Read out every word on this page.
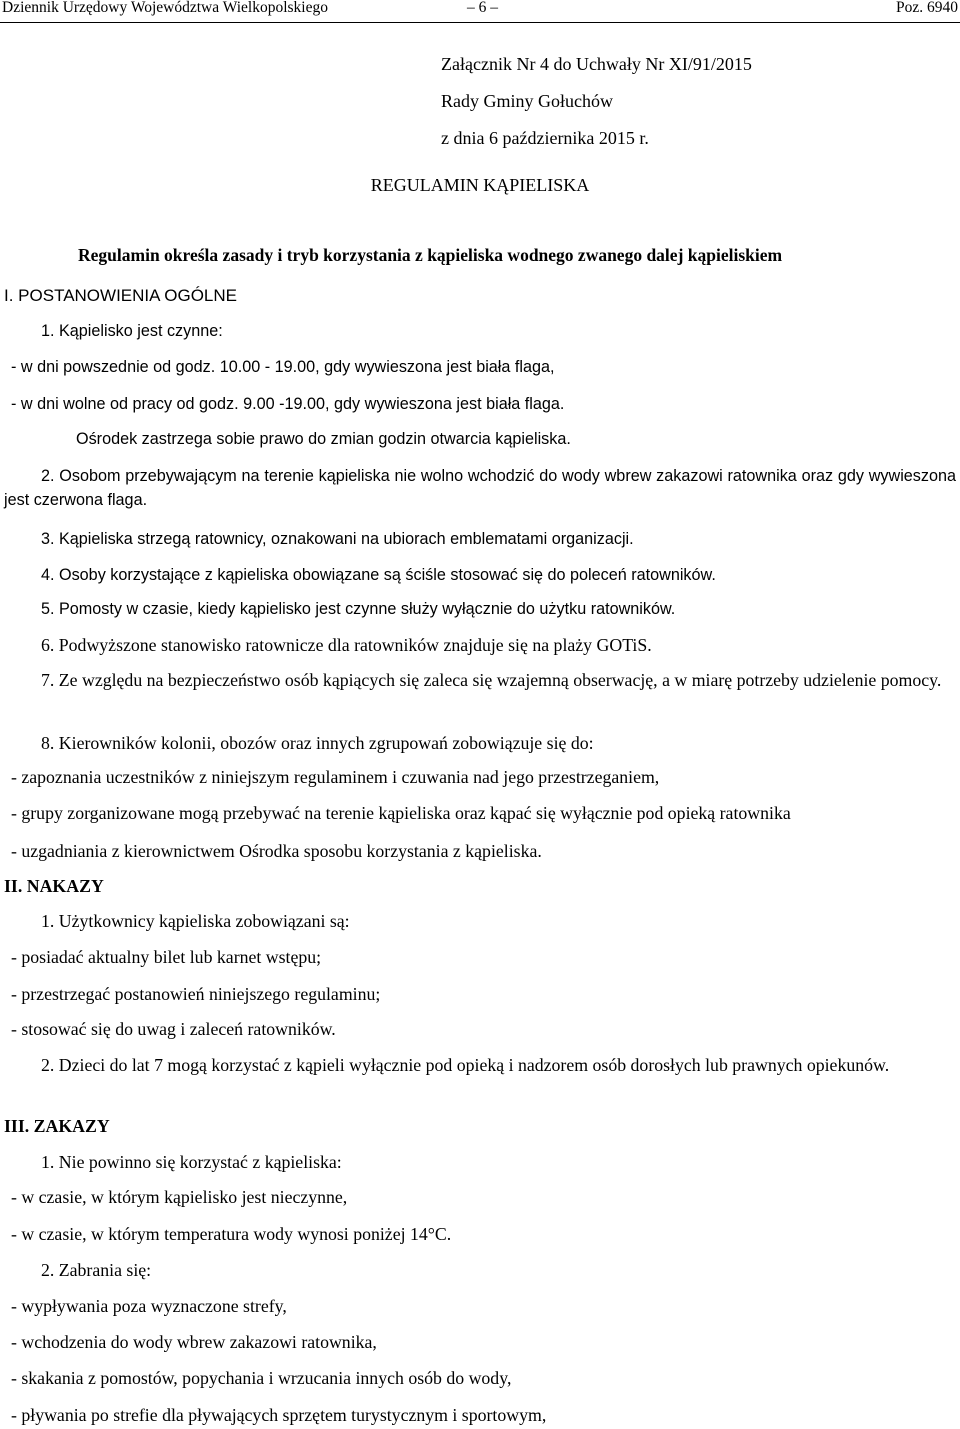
Dziennik Urzędowy Województwa Wielkopolskiego	– 6 –	Poz. 6940
Załącznik Nr 4 do Uchwały Nr XI/91/2015
Rady Gminy Gołuchów
z dnia 6 października 2015 r.
REGULAMIN KĄPIELISKA
Regulamin określa zasady i tryb korzystania z kąpieliska wodnego zwanego dalej kąpieliskiem
I. POSTANOWIENIA OGÓLNE
1. Kąpielisko jest czynne:
- w dni powszednie od godz. 10.00 - 19.00, gdy wywieszona jest biała flaga,
- w dni wolne od pracy od godz. 9.00 -19.00, gdy wywieszona jest biała flaga.
Ośrodek zastrzega sobie prawo do zmian godzin otwarcia kąpieliska.
2. Osobom przebywającym na terenie kąpieliska nie wolno wchodzić do wody wbrew zakazowi ratownika oraz gdy wywieszona jest czerwona flaga.
3. Kąpieliska strzegą ratownicy, oznakowani na ubiorach emblematami organizacji.
4. Osoby korzystające z kąpieliska obowiązane są ściśle stosować się do poleceń ratowników.
5. Pomosty w czasie, kiedy kąpielisko jest czynne służy wyłącznie do użytku ratowników.
6. Podwyższone stanowisko ratownicze dla ratowników znajduje się na plaży GOTiS.
7. Ze względu na bezpieczeństwo osób kąpiących się zaleca się wzajemną obserwację, a w miarę potrzeby udzielenie pomocy.
8. Kierowników kolonii, obozów oraz innych zgrupowań zobowiązuje się do:
- zapoznania uczestników z niniejszym regulaminem i czuwania nad jego przestrzeganiem,
- grupy zorganizowane mogą przebywać na terenie kąpieliska oraz kąpać się wyłącznie pod opieką ratownika
- uzgadniania z kierownictwem Ośrodka sposobu korzystania z kąpieliska.
II. NAKAZY
1. Użytkownicy kąpieliska zobowiązani są:
- posiadać aktualny bilet lub karnet wstępu;
- przestrzegać postanowień niniejszego regulaminu;
- stosować się do uwag i zaleceń ratowników.
2. Dzieci do lat 7 mogą korzystać z kąpieli wyłącznie pod opieką i nadzorem osób dorosłych lub prawnych opiekunów.
III. ZAKAZY
1. Nie powinno się korzystać z kąpieliska:
- w czasie, w którym kąpielisko jest nieczynne,
- w czasie, w którym temperatura wody wynosi poniżej 14°C.
2. Zabrania się:
- wypływania poza wyznaczone strefy,
- wchodzenia do wody wbrew zakazowi ratownika,
- skakania z pomostów, popychania i wrzucania innych osób do wody,
- pływania po strefie dla pływających sprzętem turystycznym i sportowym,
